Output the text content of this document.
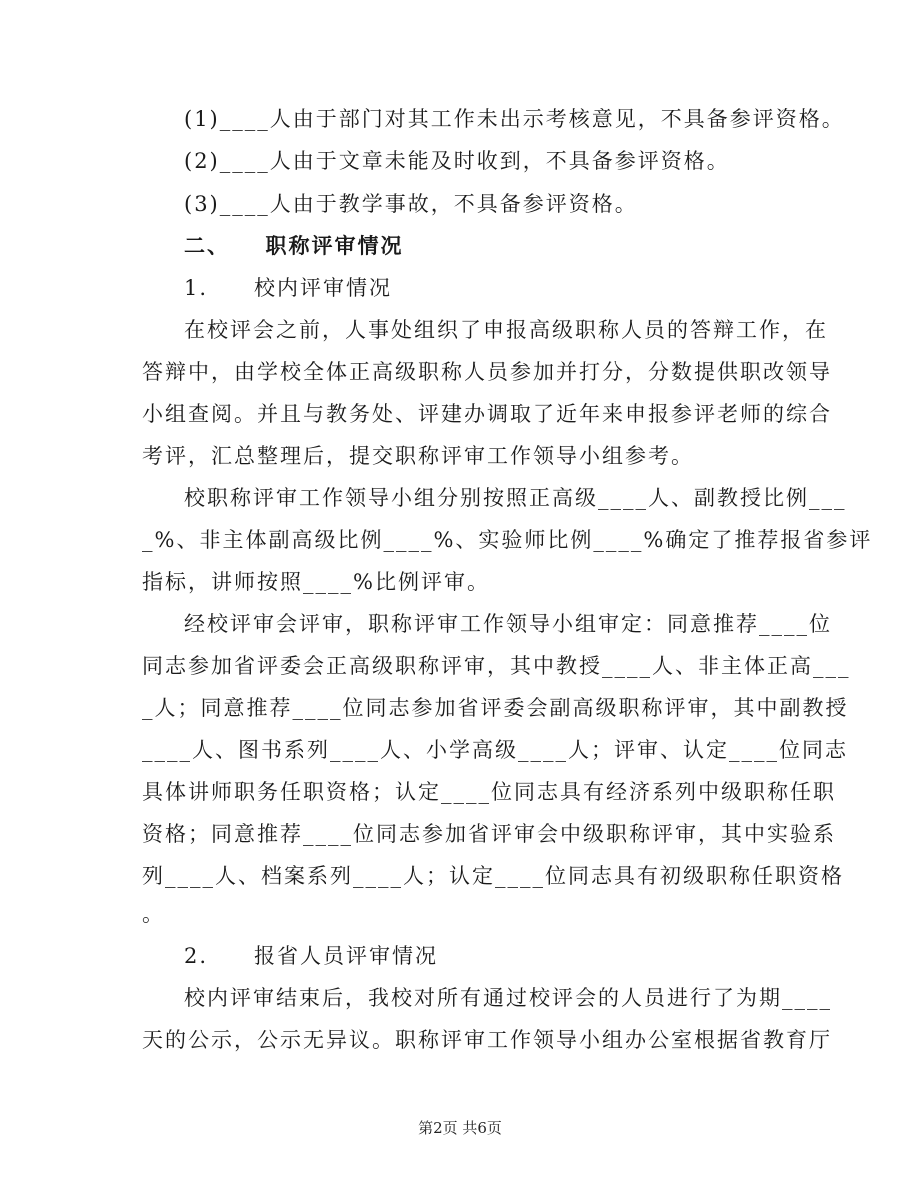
(1)____人由于部门对其工作未出示考核意见，不具备参评资格。
(2)____人由于文章未能及时收到，不具备参评资格。
(3)____人由于教学事故，不具备参评资格。
二、　　职称评审情况
1.　　校内评审情况
在校评会之前，人事处组织了申报高级职称人员的答辩工作，在
答辩中，由学校全体正高级职称人员参加并打分，分数提供职改领导
小组查阅。并且与教务处、评建办调取了近年来申报参评老师的综合
考评，汇总整理后，提交职称评审工作领导小组参考。
校职称评审工作领导小组分别按照正高级____人、副教授比例___
_%、非主体副高级比例____%、实验师比例____%确定了推荐报省参评
指标，讲师按照____%比例评审。
经校评审会评审，职称评审工作领导小组审定：同意推荐____位
同志参加省评委会正高级职称评审，其中教授____人、非主体正高___
_人；同意推荐____位同志参加省评委会副高级职称评审，其中副教授
____人、图书系列____人、小学高级____人；评审、认定____位同志
具体讲师职务任职资格；认定____位同志具有经济系列中级职称任职
资格；同意推荐____位同志参加省评审会中级职称评审，其中实验系
列____人、档案系列____人；认定____位同志具有初级职称任职资格
。
2.　　报省人员评审情况
校内评审结束后，我校对所有通过校评会的人员进行了为期____
天的公示，公示无异议。职称评审工作领导小组办公室根据省教育厅
第2页 共6页
